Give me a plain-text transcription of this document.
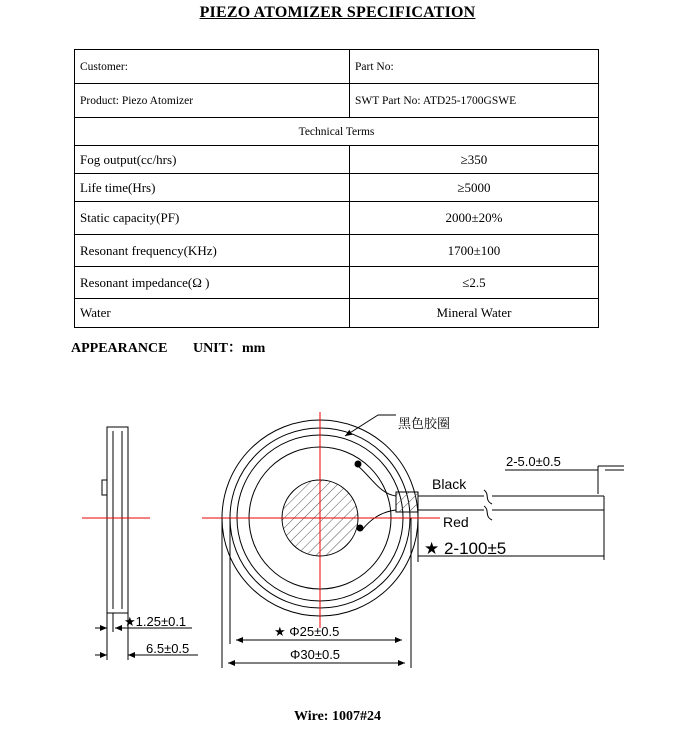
PIEZO ATOMIZER SPECIFICATION
Customer:	Part No:
Product: Piezo Atomizer	SWT Part No: ATD25-1700GSWE
Technical Terms	
Fog output(cc/hrs)	≥350
Life time(Hrs)	≥5000
Static capacity(PF)	2000±20%
Resonant frequency(KHz)	1700±100
Resonant impedance(Ω )	≤2.5
Water	Mineral Water
APPEARANCE UNIT：mm
★1.25±0.1
6.5±0.5
黑色胶圈
Black
Red
2-5.0±0.5
★ 2-100±5
★ Φ25±0.5
Φ30±0.5
Wire: 1007#24
